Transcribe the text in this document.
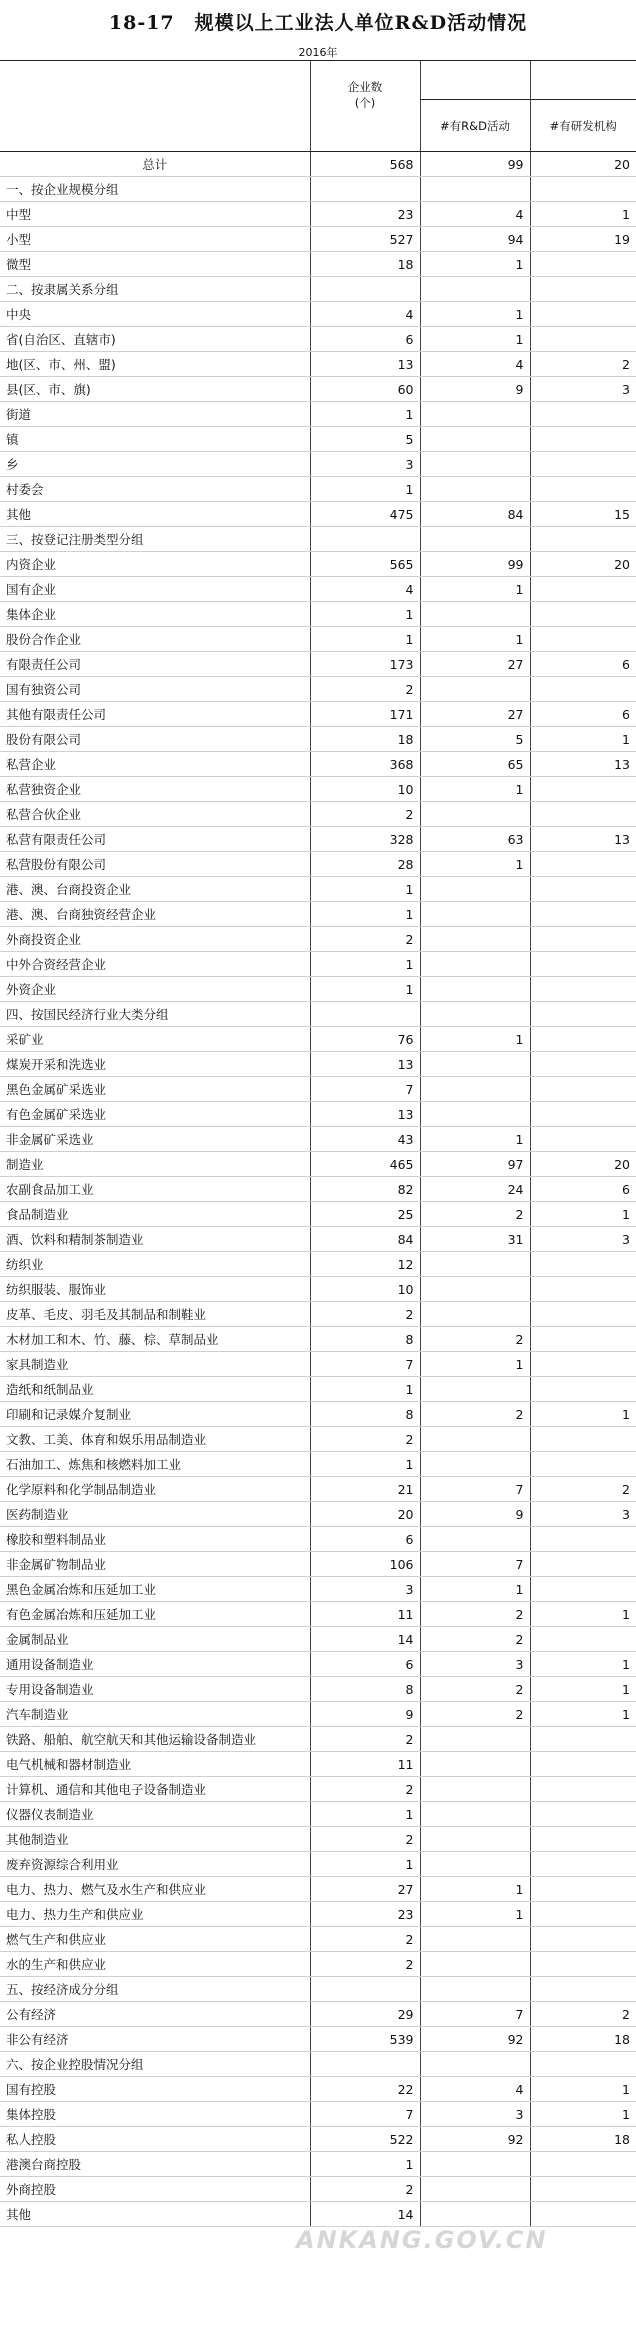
18-17　规模以上工业法人单位R&D活动情况
2016年

	企业数
(个)		

		#有R&D活动	#有研发机构

总计	568	99	20
一、按企业规模分组			
中型	23	4	1
小型	527	94	19
微型	18	1	
二、按隶属关系分组			
中央	4	1	
省(自治区、直辖市)	6	1	
地(区、市、州、盟)	13	4	2
县(区、市、旗)	60	9	3
街道	1		
镇	5		
乡	3		
村委会	1		
其他	475	84	15
三、按登记注册类型分组			
内资企业	565	99	20
国有企业	4	1	
集体企业	1		
股份合作企业	1	1	
有限责任公司	173	27	6
国有独资公司	2		
其他有限责任公司	171	27	6
股份有限公司	18	5	1
私营企业	368	65	13
私营独资企业	10	1	
私营合伙企业	2		
私营有限责任公司	328	63	13
私营股份有限公司	28	1	
港、澳、台商投资企业	1		
港、澳、台商独资经营企业	1		
外商投资企业	2		
中外合资经营企业	1		
外资企业	1		
四、按国民经济行业大类分组			
采矿业	76	1	
煤炭开采和洗选业	13		
黑色金属矿采选业	7		
有色金属矿采选业	13		
非金属矿采选业	43	1	
制造业	465	97	20
农副食品加工业	82	24	6
食品制造业	25	2	1
酒、饮料和精制茶制造业	84	31	3
纺织业	12		
纺织服装、服饰业	10		
皮革、毛皮、羽毛及其制品和制鞋业	2		
木材加工和木、竹、藤、棕、草制品业	8	2	
家具制造业	7	1	
造纸和纸制品业	1		
印刷和记录媒介复制业	8	2	1
文教、工美、体育和娱乐用品制造业	2		
石油加工、炼焦和核燃料加工业	1		
化学原料和化学制品制造业	21	7	2
医药制造业	20	9	3
橡胶和塑料制品业	6		
非金属矿物制品业	106	7	
黑色金属冶炼和压延加工业	3	1	
有色金属冶炼和压延加工业	11	2	1
金属制品业	14	2	
通用设备制造业	6	3	1
专用设备制造业	8	2	1
汽车制造业	9	2	1
铁路、船舶、航空航天和其他运输设备制造业	2		
电气机械和器材制造业	11		
计算机、通信和其他电子设备制造业	2		
仪器仪表制造业	1		
其他制造业	2		
废弃资源综合利用业	1		
电力、热力、燃气及水生产和供应业	27	1	
电力、热力生产和供应业	23	1	
燃气生产和供应业	2		
水的生产和供应业	2		
五、按经济成分分组			
公有经济	29	7	2
非公有经济	539	92	18
六、按企业控股情况分组			
国有控股	22	4	1
集体控股	7	3	1
私人控股	522	92	18
港澳台商控股	1		
外商控股	2		
其他	14		
ANKANG.GOV.CN
